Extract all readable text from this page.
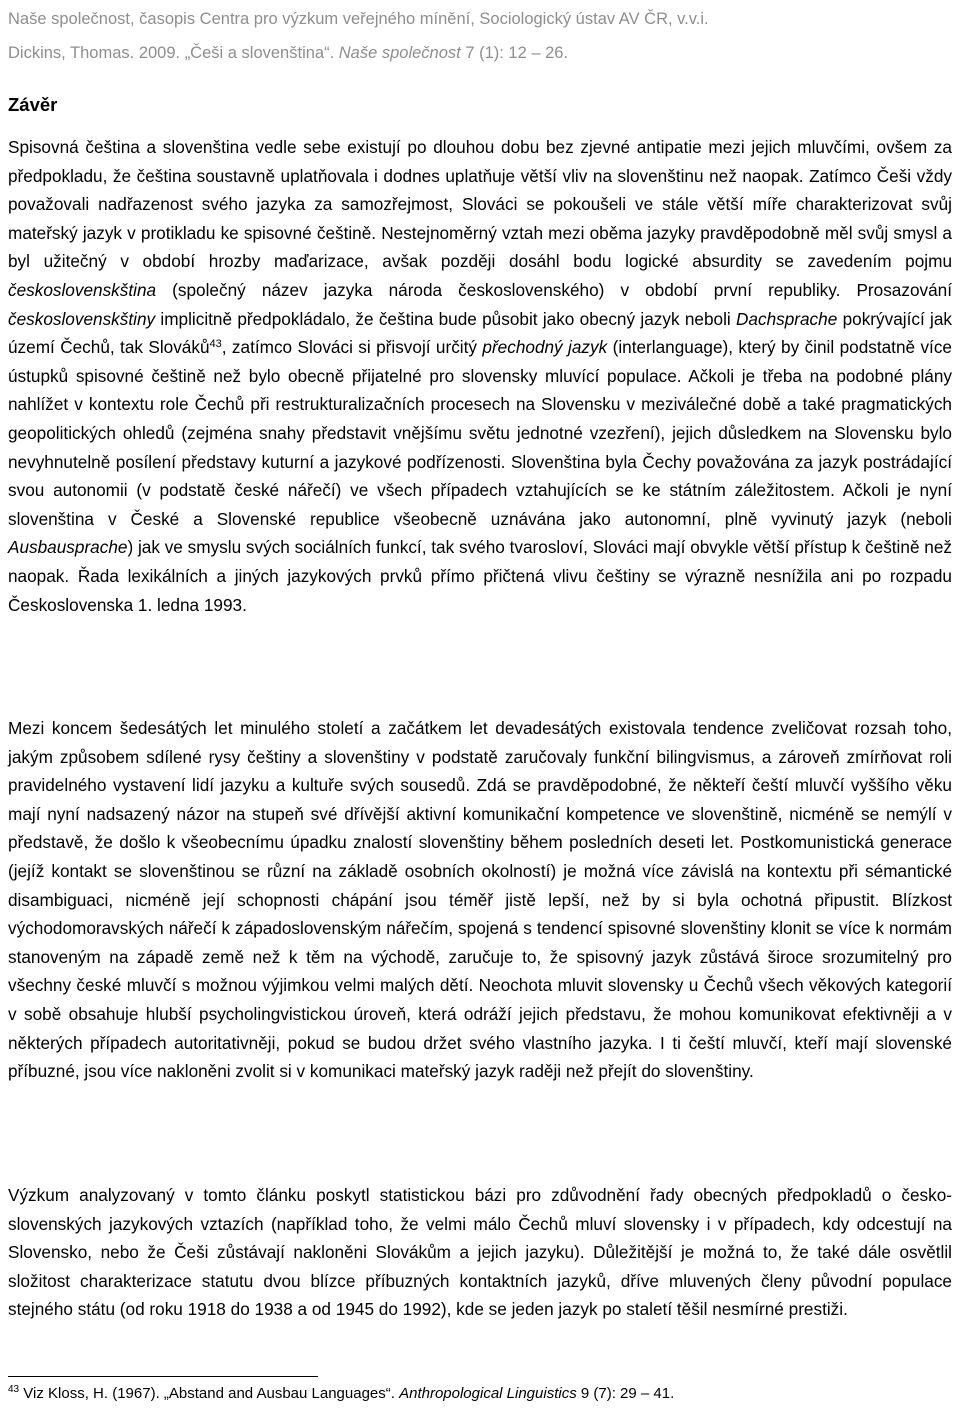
Naše společnost, časopis Centra pro výzkum veřejného mínění, Sociologický ústav AV ČR, v.v.i.
Dickins, Thomas. 2009. „Češi a slovenština“. Naše společnost 7 (1): 12 – 26.
Závěr

Spisovná čeština a slovenština vedle sebe existují po dlouhou dobu bez zjevné antipatie mezi jejich mluvčími, ovšem za předpokladu, že čeština soustavně uplatňovala i dodnes uplatňuje větší vliv na slovenštinu než naopak. Zatímco Češi vždy považovali nadřazenost svého jazyka za samozřejmost, Slováci se pokoušeli ve stále větší míře charakterizovat svůj mateřský jazyk v protikladu ke spisovné češtině. Nestejnoměrný vztah mezi oběma jazyky pravděpodobně měl svůj smysl a byl užitečný v období hrozby maďarizace, avšak později dosáhl bodu logické absurdity se zavedením pojmu československština (společný název jazyka národa československého) v období první republiky. Prosazování československštiny implicitně předpokládalo, že čeština bude působit jako obecný jazyk neboli Dachsprache pokrývající jak území Čechů, tak Slováků$^{43}$, zatímco Slováci si přisvojí určitý přechodný jazyk (interlanguage), který by činil podstatně více ústupků spisovné češtině než bylo obecně přijatelné pro slovensky mluvící populace. Ačkoli je třeba na podobné plány nahlížet v kontextu role Čechů při restrukturalizačních procesech na Slovensku v meziválečné době a také pragmatických geopolitických ohledů (zejména snahy představit vnějšímu světu jednotné vzezření), jejich důsledkem na Slovensku bylo nevyhnutelně posílení představy kuturní a jazykové podřízenosti. Slovenština byla Čechy považována za jazyk postrádající svou autonomii (v podstatě české nářečí) ve všech případech vztahujících se ke státním záležitostem. Ačkoli je nyní slovenština v České a Slovenské republice všeobecně uznávána jako autonomní, plně vyvinutý jazyk (neboli Ausbausprache) jak ve smyslu svých sociálních funkcí, tak svého tvarosloví, Slováci mají obvykle větší přístup k češtině než naopak. Řada lexikálních a jiných jazykových prvků přímo přičtená vlivu češtiny se výrazně nesnížila ani po rozpadu Československa 1. ledna 1993.

Mezi koncem šedesátých let minulého století a začátkem let devadesátých existovala tendence zveličovat rozsah toho, jakým způsobem sdílené rysy češtiny a slovenštiny v podstatě zaručovaly funkční bilingvismus, a zároveň zmírňovat roli pravidelného vystavení lidí jazyku a kultuře svých sousedů. Zdá se pravděpodobné, že někteří čeští mluvčí vyššího věku mají nyní nadsazený názor na stupeň své dřívější aktivní komunikační kompetence ve slovenštině, nicméně se nemýlí v představě, že došlo k všeobecnímu úpadku znalostí slovenštiny během posledních deseti let. Postkomunistická generace (jejíž kontakt se slovenštinou se různí na základě osobních okolností) je možná více závislá na kontextu při sémantické disambiguaci, nicméně její schopnosti chápání jsou téměř jistě lepší, než by si byla ochotná připustit. Blízkost východomoravských nářečí k západoslovenským nářečím, spojená s tendencí spisovné slovenštiny klonit se více k normám stanoveným na západě země než k těm na východě, zaručuje to, že spisovný jazyk zůstává široce srozumitelný pro všechny české mluvčí s možnou výjimkou velmi malých dětí. Neochota mluvit slovensky u Čechů všech věkových kategorií v sobě obsahuje hlubší psycholingvistickou úroveň, která odráží jejich představu, že mohou komunikovat efektivněji a v některých případech autoritativněji, pokud se budou držet svého vlastního jazyka. I ti čeští mluvčí, kteří mají slovenské příbuzné, jsou více nakloněni zvolit si v komunikaci mateřský jazyk raději než přejít do slovenštiny.

Výzkum analyzovaný v tomto článku poskytl statistickou bázi pro zdůvodnění řady obecných předpokladů o česko-slovenských jazykových vztazích (například toho, že velmi málo Čechů mluví slovensky i v případech, kdy odcestují na Slovensko, nebo že Češi zůstávají nakloněni Slovákům a jejich jazyku). Důležitější je možná to, že také dále osvětlil složitost charakterizace statutu dvou blízce příbuzných kontaktních jazyků, dříve mluvených členy původní populace stejného státu (od roku 1918 do 1938 a od 1945 do 1992), kde se jeden jazyk po staletí těšil nesmírné prestiži.

$^{43}$ Viz Kloss, H. (1967). „Abstand and Ausbau Languages“. Anthropological Linguistics 9 (7): 29 – 41.
